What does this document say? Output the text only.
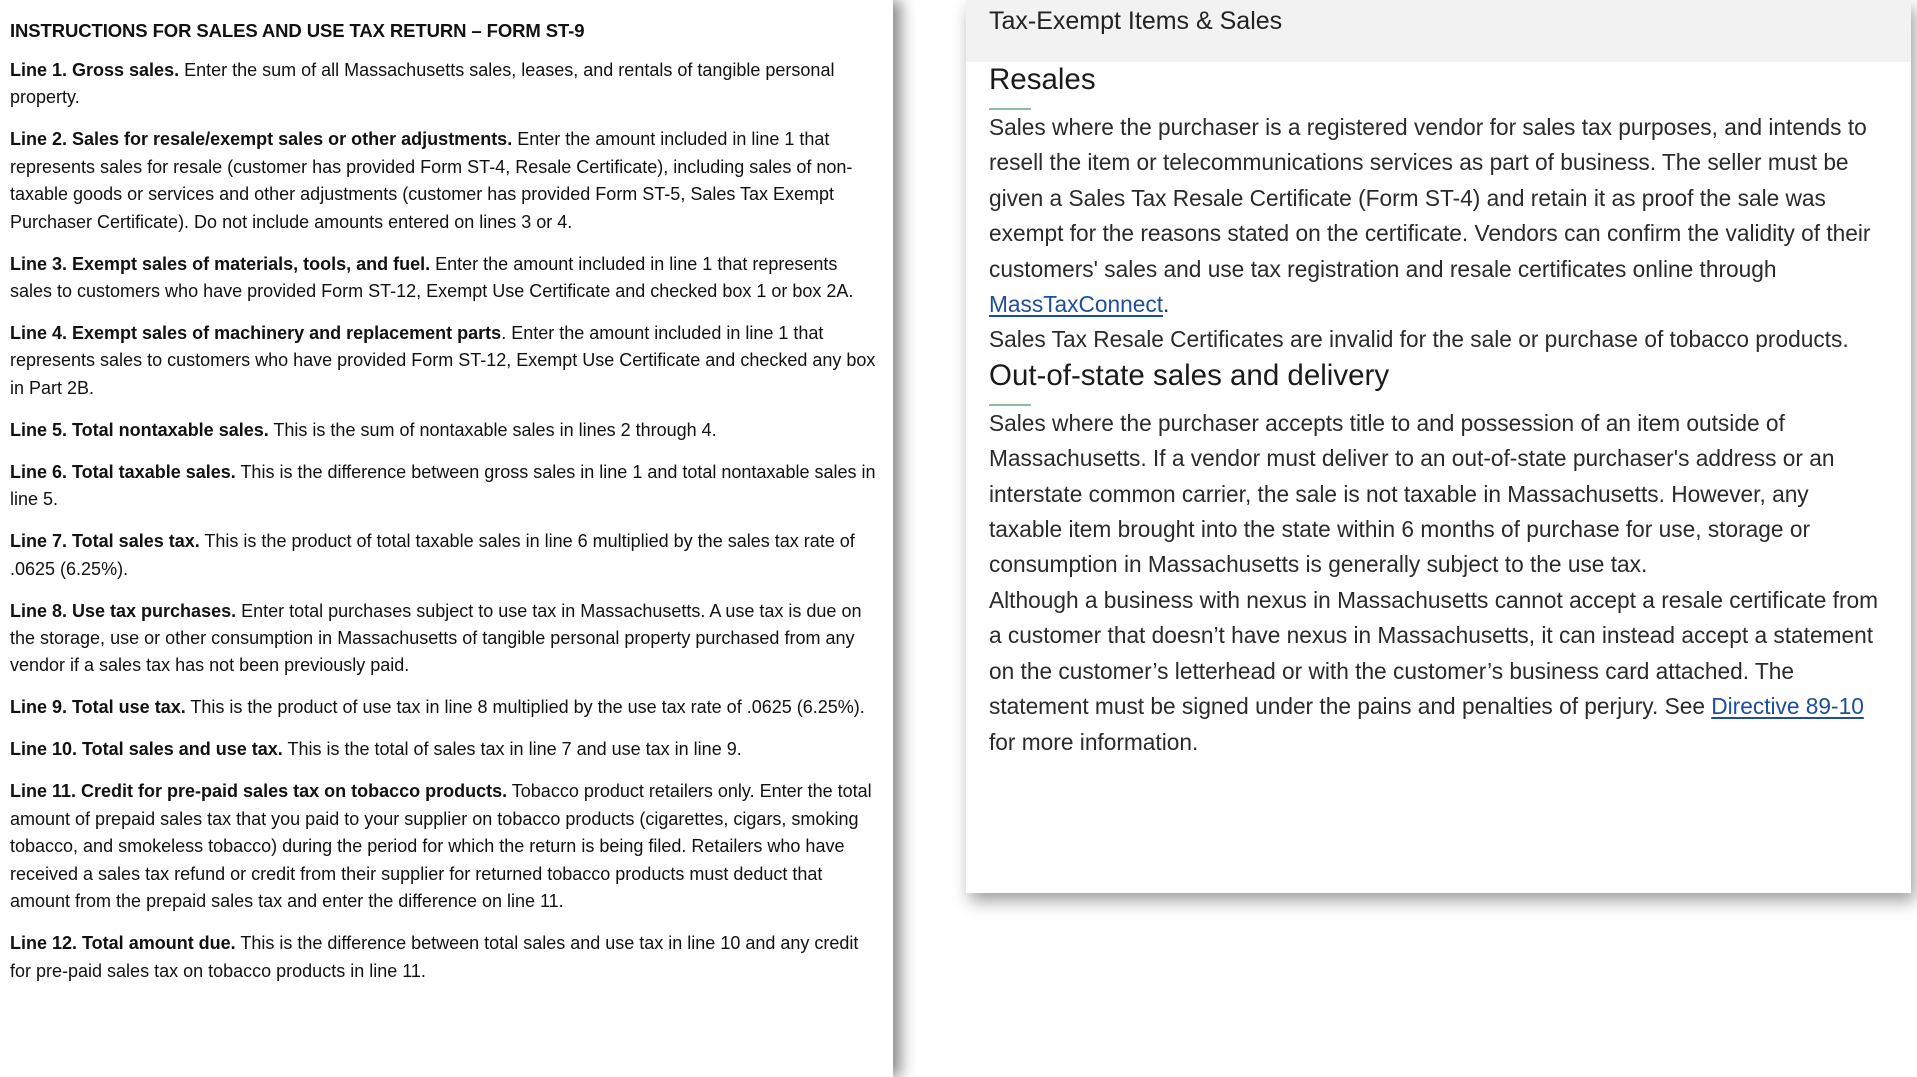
INSTRUCTIONS FOR SALES AND USE TAX RETURN – FORM ST-9
Line 1. Gross sales. Enter the sum of all Massachusetts sales, leases, and rentals of tangible personal property.
Line 2. Sales for resale/exempt sales or other adjustments. Enter the amount included in line 1 that represents sales for resale (customer has provided Form ST-4, Resale Certificate), including sales of non-taxable goods or services and other adjustments (customer has provided Form ST-5, Sales Tax Exempt Purchaser Certificate). Do not include amounts entered on lines 3 or 4.
Line 3. Exempt sales of materials, tools, and fuel. Enter the amount included in line 1 that represents sales to customers who have provided Form ST-12, Exempt Use Certificate and checked box 1 or box 2A.
Line 4. Exempt sales of machinery and replacement parts. Enter the amount included in line 1 that represents sales to customers who have provided Form ST-12, Exempt Use Certificate and checked any box in Part 2B.
Line 5. Total nontaxable sales. This is the sum of nontaxable sales in lines 2 through 4.
Line 6. Total taxable sales. This is the difference between gross sales in line 1 and total nontaxable sales in line 5.
Line 7. Total sales tax. This is the product of total taxable sales in line 6 multiplied by the sales tax rate of .0625 (6.25%).
Line 8. Use tax purchases. Enter total purchases subject to use tax in Massachusetts. A use tax is due on the storage, use or other consumption in Massachusetts of tangible personal property purchased from any vendor if a sales tax has not been previously paid.
Line 9. Total use tax. This is the product of use tax in line 8 multiplied by the use tax rate of .0625 (6.25%).
Line 10. Total sales and use tax. This is the total of sales tax in line 7 and use tax in line 9.
Line 11. Credit for pre-paid sales tax on tobacco products. Tobacco product retailers only. Enter the total amount of prepaid sales tax that you paid to your supplier on tobacco products (cigarettes, cigars, smoking tobacco, and smokeless tobacco) during the period for which the return is being filed. Retailers who have received a sales tax refund or credit from their supplier for returned tobacco products must deduct that amount from the prepaid sales tax and enter the difference on line 11.
Line 12. Total amount due. This is the difference between total sales and use tax in line 10 and any credit for pre-paid sales tax on tobacco products in line 11.
Tax-Exempt Items & Sales
Resales

Sales where the purchaser is a registered vendor for sales tax purposes, and intends to resell the item or telecommunications services as part of business. The seller must be given a Sales Tax Resale Certificate (Form ST-4) and retain it as proof the sale was exempt for the reasons stated on the certificate. Vendors can confirm the validity of their customers' sales and use tax registration and resale certificates online through MassTaxConnect.

Sales Tax Resale Certificates are invalid for the sale or purchase of tobacco products.

Out-of-state sales and delivery

Sales where the purchaser accepts title to and possession of an item outside of Massachusetts. If a vendor must deliver to an out-of-state purchaser's address or an interstate common carrier, the sale is not taxable in Massachusetts. However, any taxable item brought into the state within 6 months of purchase for use, storage or consumption in Massachusetts is generally subject to the use tax.

Although a business with nexus in Massachusetts cannot accept a resale certificate from a customer that doesn’t have nexus in Massachusetts, it can instead accept a statement on the customer’s letterhead or with the customer’s business card attached. The statement must be signed under the pains and penalties of perjury. See Directive 89-10 for more information.
